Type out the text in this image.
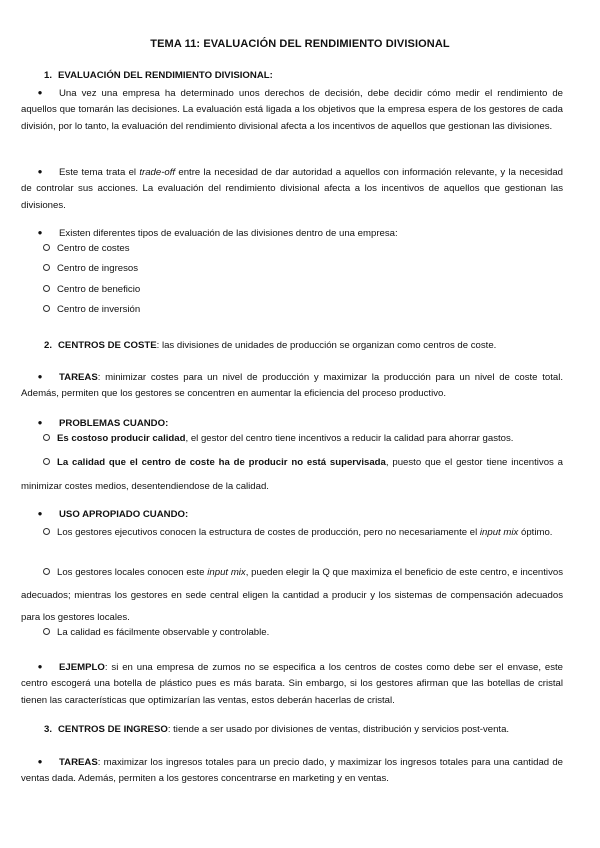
TEMA 11: EVALUACIÓN DEL RENDIMIENTO DIVISIONAL
1. EVALUACIÓN DEL RENDIMIENTO DIVISIONAL:
● Una vez una empresa ha determinado unos derechos de decisión, debe decidir cómo medir el rendimiento de aquellos que tomarán las decisiones. La evaluación está ligada a los objetivos que la empresa espera de los gestores de cada división, por lo tanto, la evaluación del rendimiento divisional afecta a los incentivos de aquellos que gestionan las divisiones.
● Este tema trata el trade-off entre la necesidad de dar autoridad a aquellos con información relevante, y la necesidad de controlar sus acciones. La evaluación del rendimiento divisional afecta a los incentivos de aquellos que gestionan las divisiones.
● Existen diferentes tipos de evaluación de las divisiones dentro de una empresa:
Centro de costes
Centro de ingresos
Centro de beneficio
Centro de inversión
2. CENTROS DE COSTE: las divisiones de unidades de producción se organizan como centros de coste.
● TAREAS: minimizar costes para un nivel de producción y maximizar la producción para un nivel de coste total. Además, permiten que los gestores se concentren en aumentar la eficiencia del proceso productivo.
● PROBLEMAS CUANDO:
Es costoso producir calidad, el gestor del centro tiene incentivos a reducir la calidad para ahorrar gastos.
La calidad que el centro de coste ha de producir no está supervisada, puesto que el gestor tiene incentivos a minimizar costes medios, desentendiendose de la calidad.
● USO APROPIADO CUANDO:
Los gestores ejecutivos conocen la estructura de costes de producción, pero no necesariamente el input mix óptimo.
Los gestores locales conocen este input mix, pueden elegir la Q que maximiza el beneficio de este centro, e incentivos adecuados; mientras los gestores en sede central eligen la cantidad a producir y los sistemas de compensación adecuados para los gestores locales.
La calidad es fácilmente observable y controlable.
● EJEMPLO: si en una empresa de zumos no se especifica a los centros de costes como debe ser el envase, este centro escogerá una botella de plástico pues es más barata. Sin embargo, si los gestores afirman que las botellas de cristal tienen las características que optimizarían las ventas, estos deberán hacerlas de cristal.
3. CENTROS DE INGRESO: tiende a ser usado por divisiones de ventas, distribución y servicios post-venta.
● TAREAS: maximizar los ingresos totales para un precio dado, y maximizar los ingresos totales para una cantidad de ventas dada. Además, permiten a los gestores concentrarse en marketing y en ventas.
